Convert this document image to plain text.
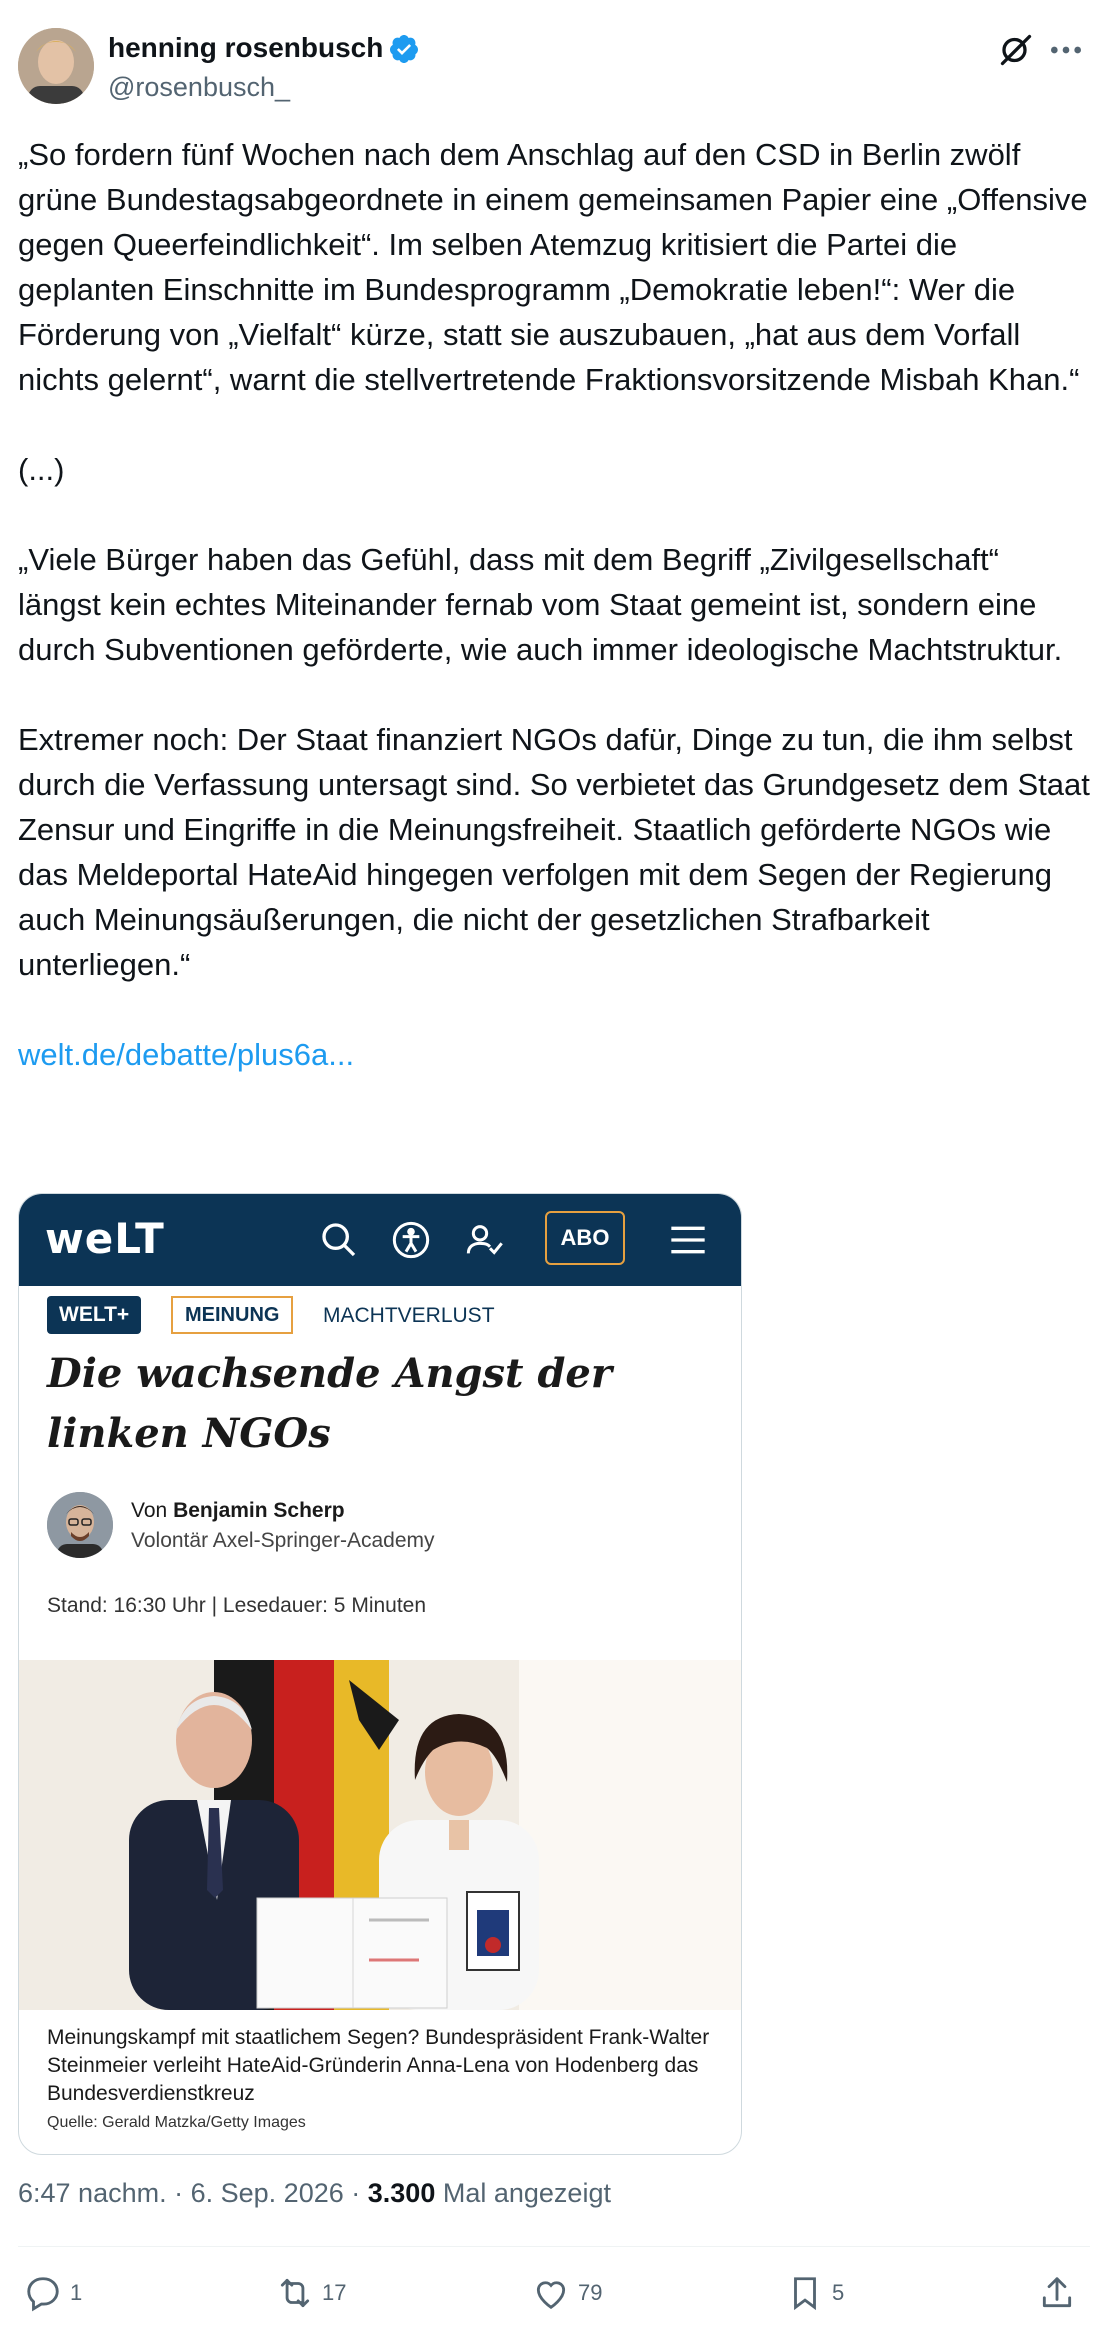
henning rosenbusch
@rosenbusch_

„So fordern fünf Wochen nach dem Anschlag auf den CSD in Berlin zwölf grüne Bundestagsabgeordnete in einem gemeinsamen Papier eine „Offensive gegen Queerfeindlichkeit“. Im selben Atemzug kritisiert die Partei die geplanten Einschnitte im Bundesprogramm „Demokratie leben!“: Wer die Förderung von „Vielfalt“ kürze, statt sie auszubauen, „hat aus dem Vorfall nichts gelernt“, warnt die stellvertretende Fraktionsvorsitzende Misbah Khan.“

(...)

„Viele Bürger haben das Gefühl, dass mit dem Begriff „Zivilgesellschaft“ längst kein echtes Miteinander fernab vom Staat gemeint ist, sondern eine durch Subventionen geförderte, wie auch immer ideologische Machtstruktur.

Extremer noch: Der Staat finanziert NGOs dafür, Dinge zu tun, die ihm selbst durch die Verfassung untersagt sind. So verbietet das Grundgesetz dem Staat Zensur und Eingriffe in die Meinungsfreiheit. Staatlich geförderte NGOs wie das Meldeportal HateAid hingegen verfolgen mit dem Segen der Regierung auch Meinungsäußerungen, die nicht der gesetzlichen Strafbarkeit unterliegen.“

welt.de/debatte/plus6a...
weLT	ABO
WELT+	MEINUNG	MACHTVERLUST
Die wachsende Angst der linken NGOs
Von Benjamin Scherp
Volontär Axel-Springer-Academy
Stand: 16:30 Uhr | Lesedauer: 5 Minuten
Meinungskampf mit staatlichem Segen? Bundespräsident Frank-Walter Steinmeier verleiht HateAid-Gründerin Anna-Lena von Hodenberg das Bundesverdienstkreuz
Quelle: Gerald Matzka/Getty Images
6:47 nachm. · 6. Sep. 2026 · 3.300 Mal angezeigt
1	17	79	5
